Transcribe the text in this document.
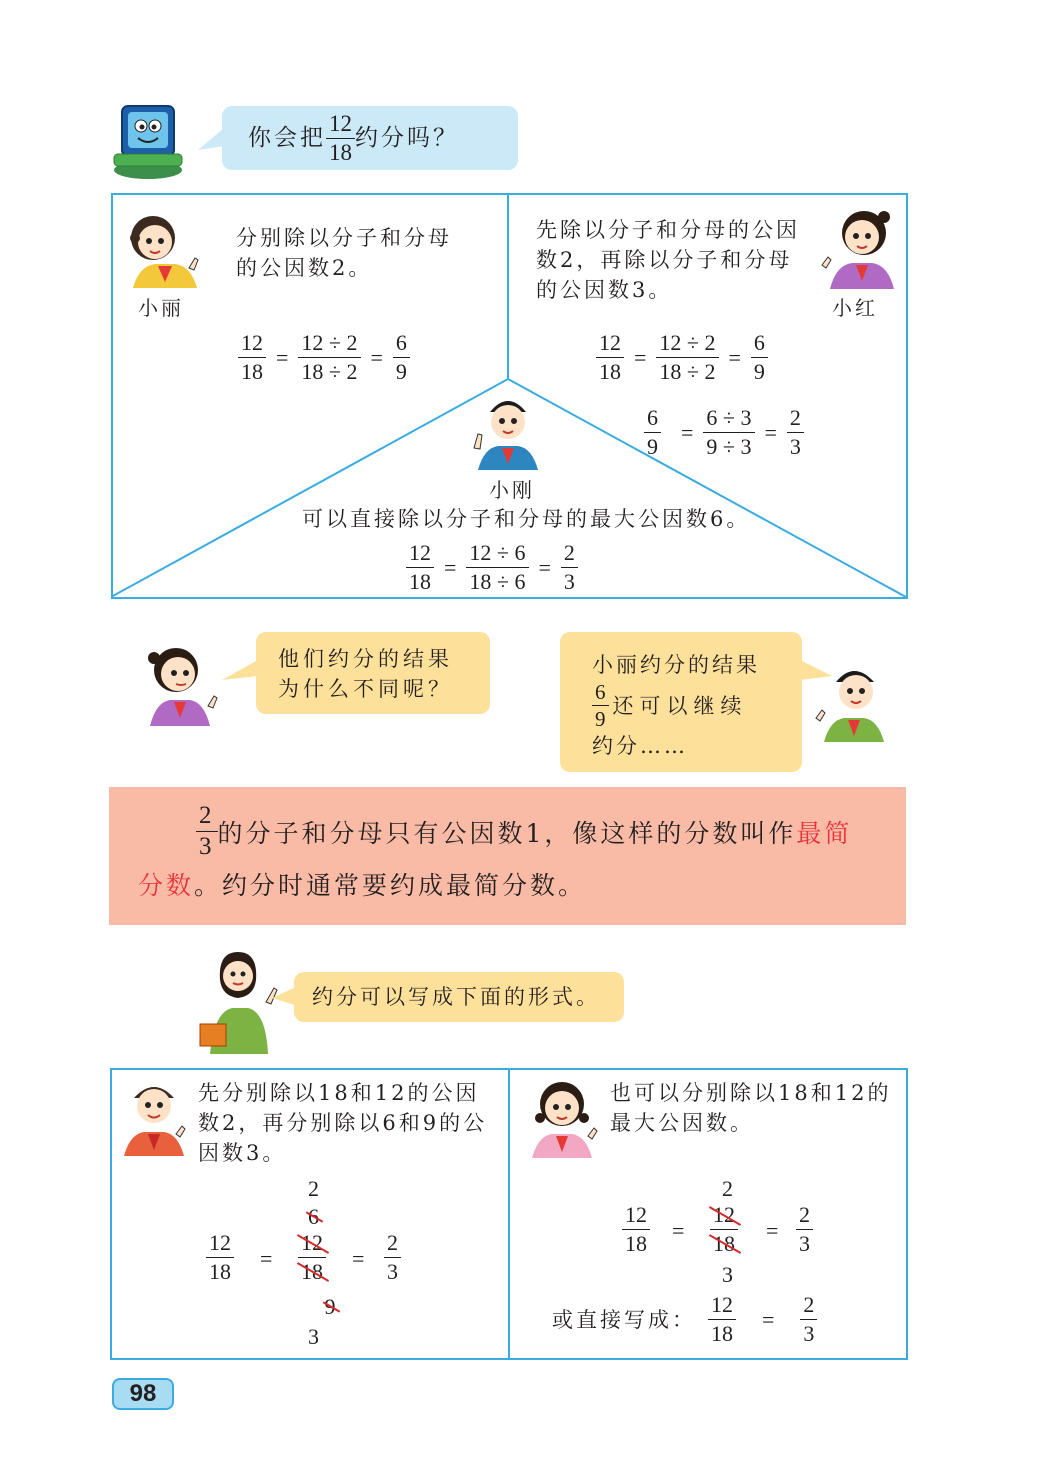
你会把 $\frac{12}{18}$ 约分吗？
小丽
分别除以分子和分母的公因数2。
$\frac{12}{18} = \frac{12 \div 2}{18 \div 2} = \frac{6}{9}$
先除以分子和分母的公因数2，再除以分子和分母的公因数3。
小红
$\frac{12}{18} = \frac{12 \div 2}{18 \div 2} = \frac{6}{9}$
$\frac{6}{9} = \frac{6 \div 3}{9 \div 3} = \frac{2}{3}$
小刚
可以直接除以分子和分母的最大公因数6。
$\frac{12}{18} = \frac{12 \div 6}{18 \div 6} = \frac{2}{3}$
他们约分的结果为什么不同呢？
小丽约分的结果
$\frac{6}{9}$ 还可以继续
约分……
$\frac{2}{3}$ 的分子和分母只有公因数1，像这样的分数叫作 最简
分数。约分时通常要约成最简分数。
约分可以写成下面的形式。
先分别除以18和12的公因数2，再分别除以6和9的公因数3。
$\frac{12}{18}$ =
2
6
$\frac{12}{18}$
9
3
= $\frac{2}{3}$
也可以分别除以18和12的最大公因数。
$\frac{12}{18}$ =
2
$\frac{12}{18}$
3
= $\frac{2}{3}$
或直接写成： $\frac{12}{18} = \frac{2}{3}$
98
